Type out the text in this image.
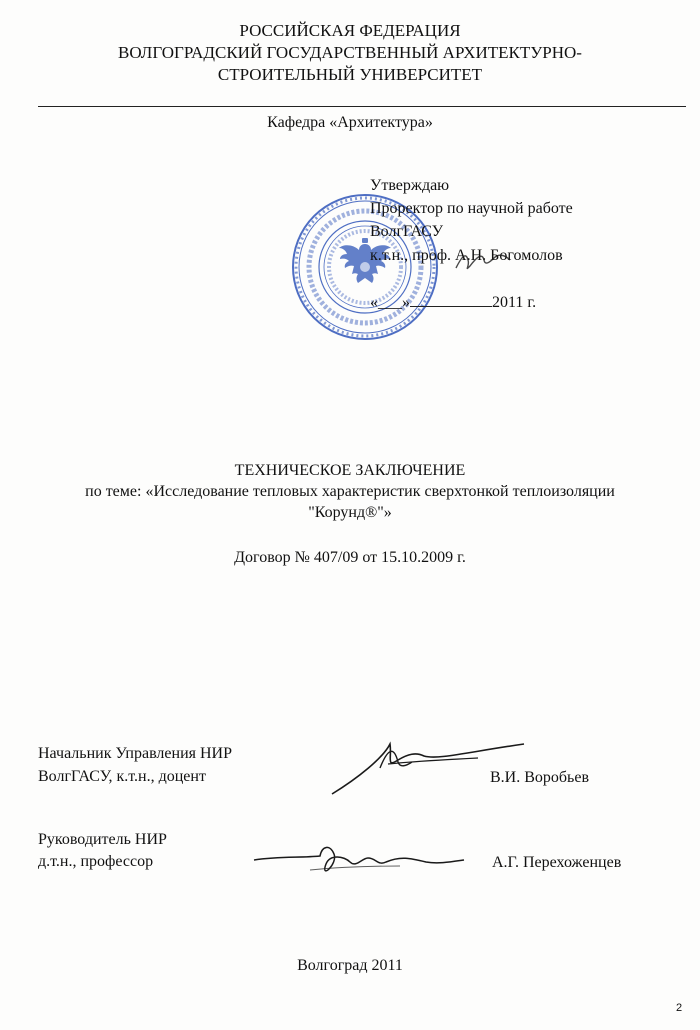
РОССИЙСКАЯ ФЕДЕРАЦИЯ
ВОЛГОГРАДСКИЙ ГОСУДАРСТВЕННЫЙ АРХИТЕКТУРНО-
СТРОИТЕЛЬНЫЙ УНИВЕРСИТЕТ
Кафедра «Архитектура»
Утверждаю
Проректор по научной работе
ВолгГАСУ
к.т.н., проф. А.Н. Богомолов
«___»	2011 г.
ТЕХНИЧЕСКОЕ ЗАКЛЮЧЕНИЕ
по теме: «Исследование тепловых характеристик сверхтонкой теплоизоляции
"Корунд®"»
Договор № 407/09 от 15.10.2009 г.
Начальник Управления НИР
ВолгГАСУ, к.т.н., доцент	В.И. Воробьев
Руководитель НИР
д.т.н., профессор	А.Г. Перехоженцев
Волгоград 2011
2
